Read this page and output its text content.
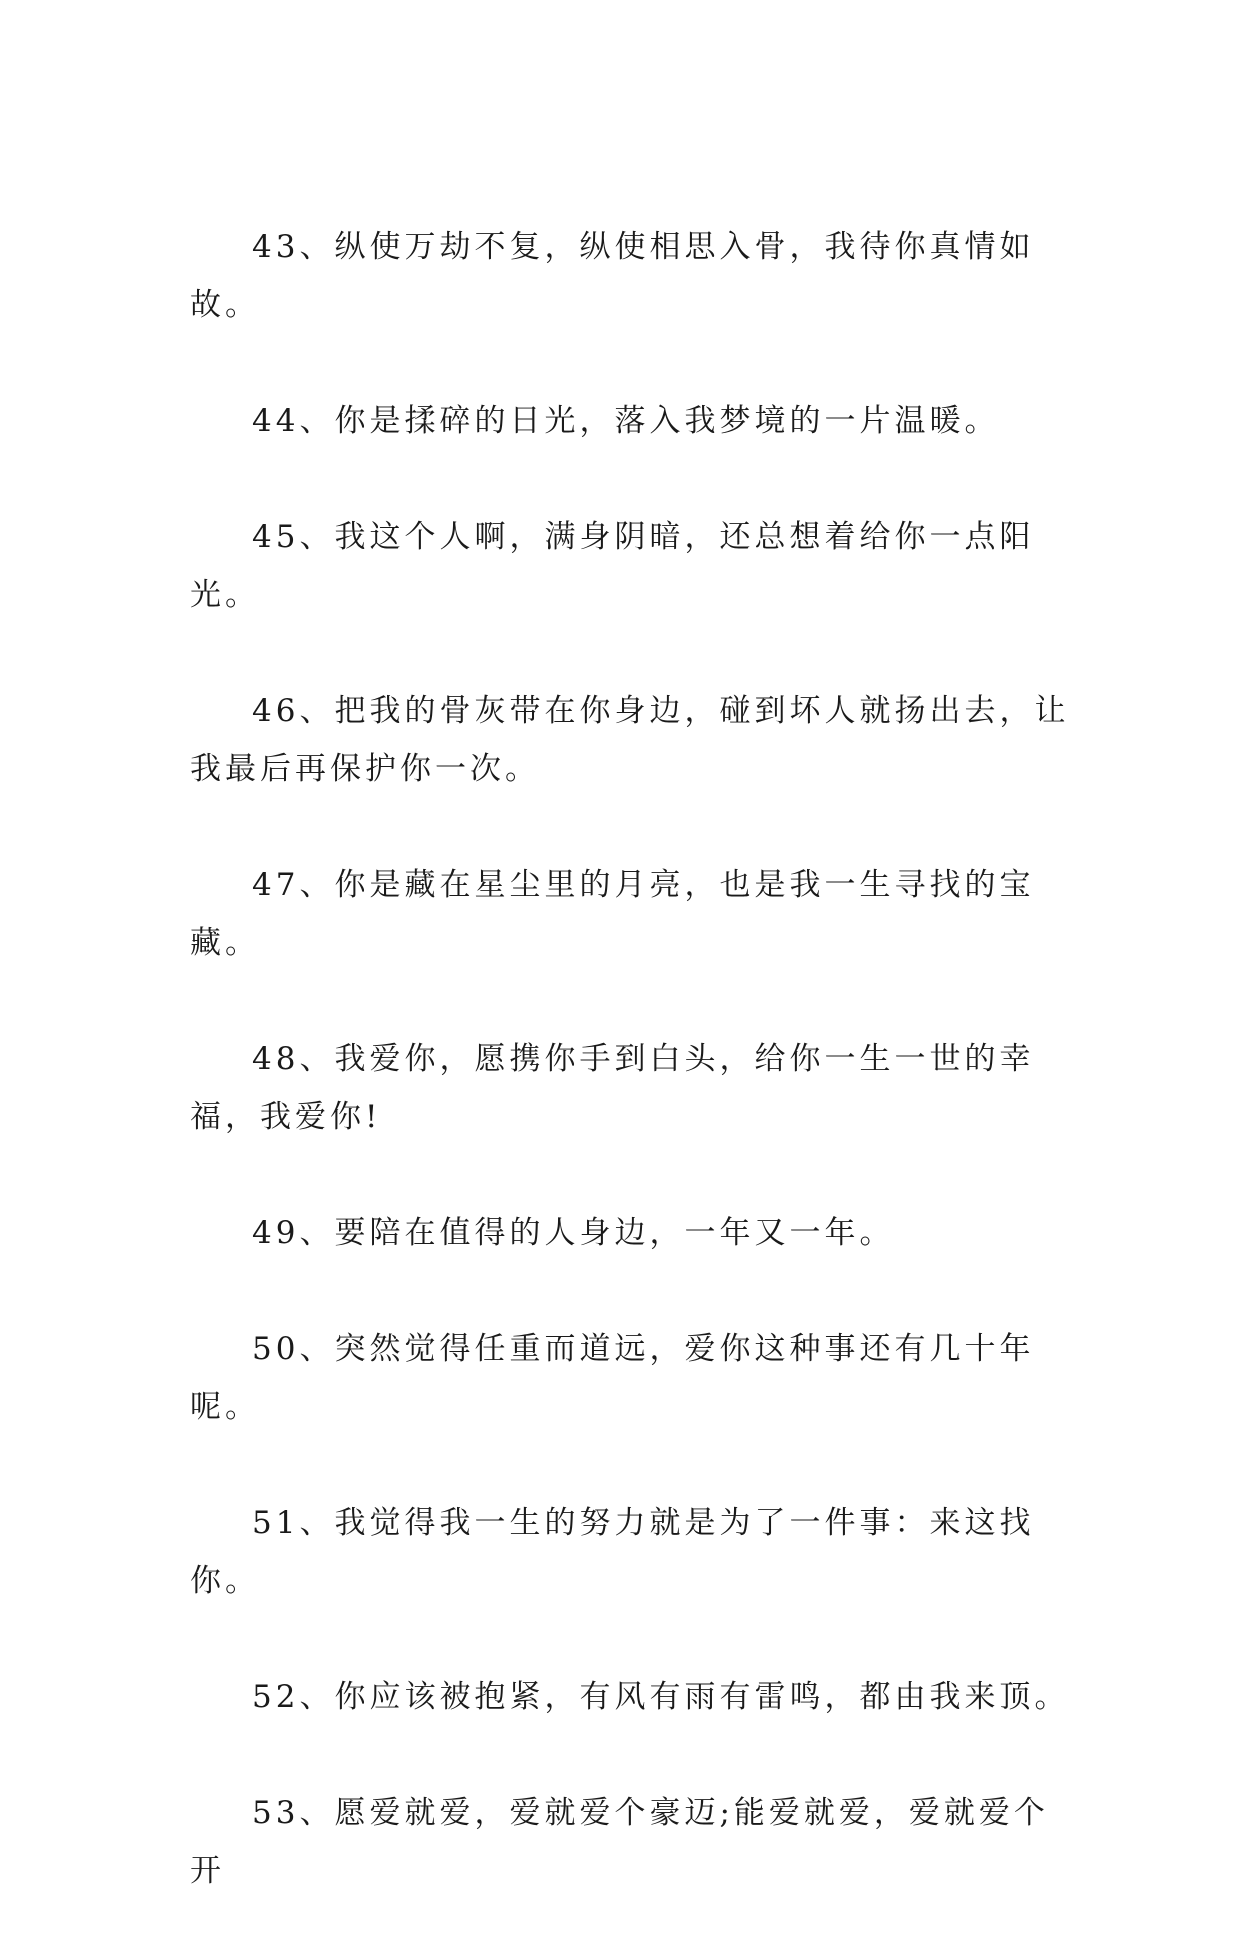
43、纵使万劫不复，纵使相思入骨，我待你真情如故。

44、你是揉碎的日光，落入我梦境的一片温暖。

45、我这个人啊，满身阴暗，还总想着给你一点阳光。

46、把我的骨灰带在你身边，碰到坏人就扬出去，让我最后再保护你一次。

47、你是藏在星尘里的月亮，也是我一生寻找的宝藏。

48、我爱你，愿携你手到白头，给你一生一世的幸福，我爱你!

49、要陪在值得的人身边，一年又一年。

50、突然觉得任重而道远，爱你这种事还有几十年呢。

51、我觉得我一生的努力就是为了一件事：来这找你。

52、你应该被抱紧，有风有雨有雷鸣，都由我来顶。

53、愿爱就爱，爱就爱个豪迈;能爱就爱，爱就爱个开
